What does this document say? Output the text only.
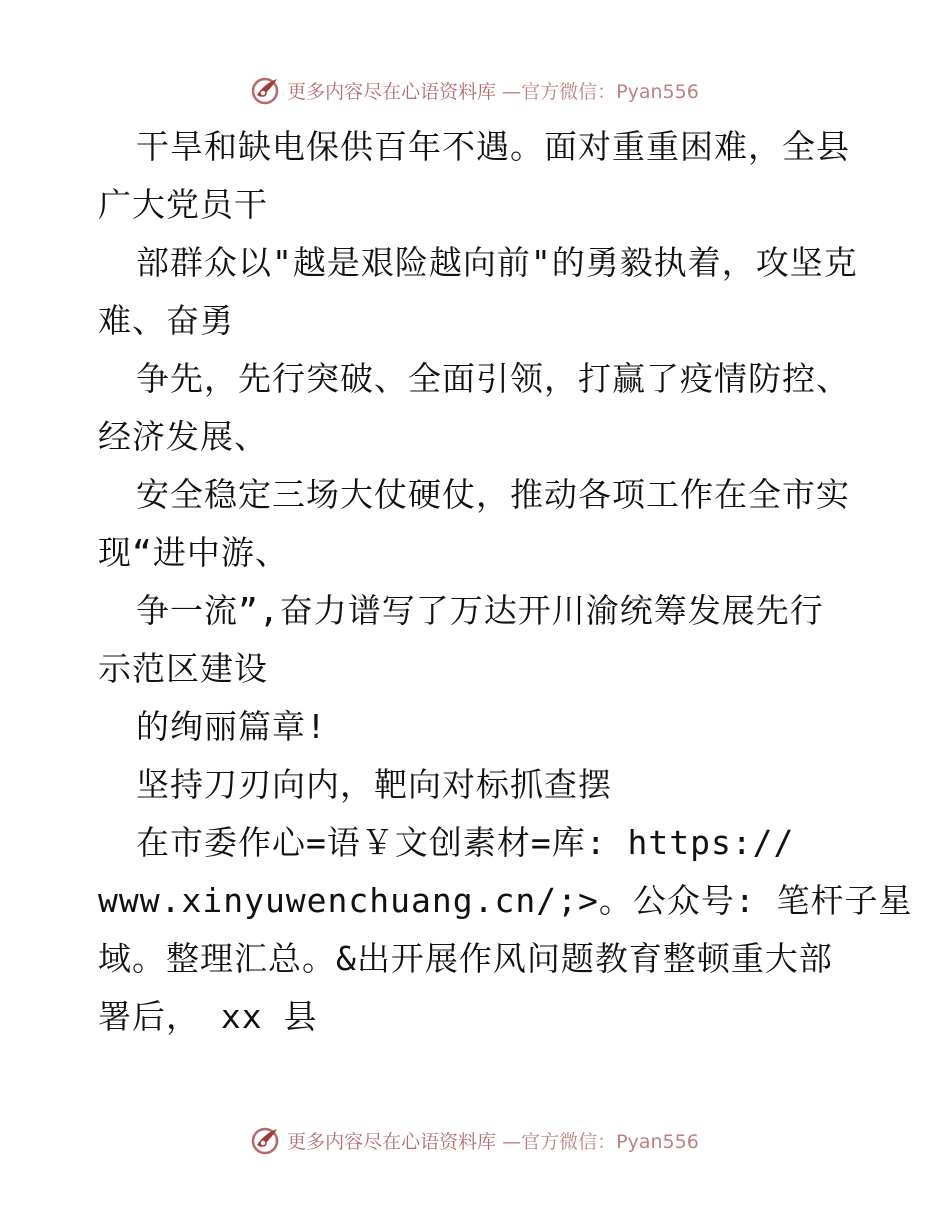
更多内容尽在心语资料库 —官方微信：Pyan556
干旱和缺电保供百年不遇。面对重重困难，全县
广大党员干
部群众以"越是艰险越向前"的勇毅执着，攻坚克
难、奋勇
争先，先行突破、全面引领，打赢了疫情防控、
经济发展、
安全稳定三场大仗硬仗，推动各项工作在全市实
现“进中游、
争一流”,奋力谱写了万达开川渝统筹发展先行
示范区建设
的绚丽篇章!
坚持刀刃向内，靶向对标抓查摆
在市委作心=语￥文创素材=库: https://
www.xinyuwenchuang.cn/;>。公众号: 笔杆子星
域。整理汇总。&出开展作风问题教育整顿重大部
署后， xx 县
更多内容尽在心语资料库 —官方微信：Pyan556
